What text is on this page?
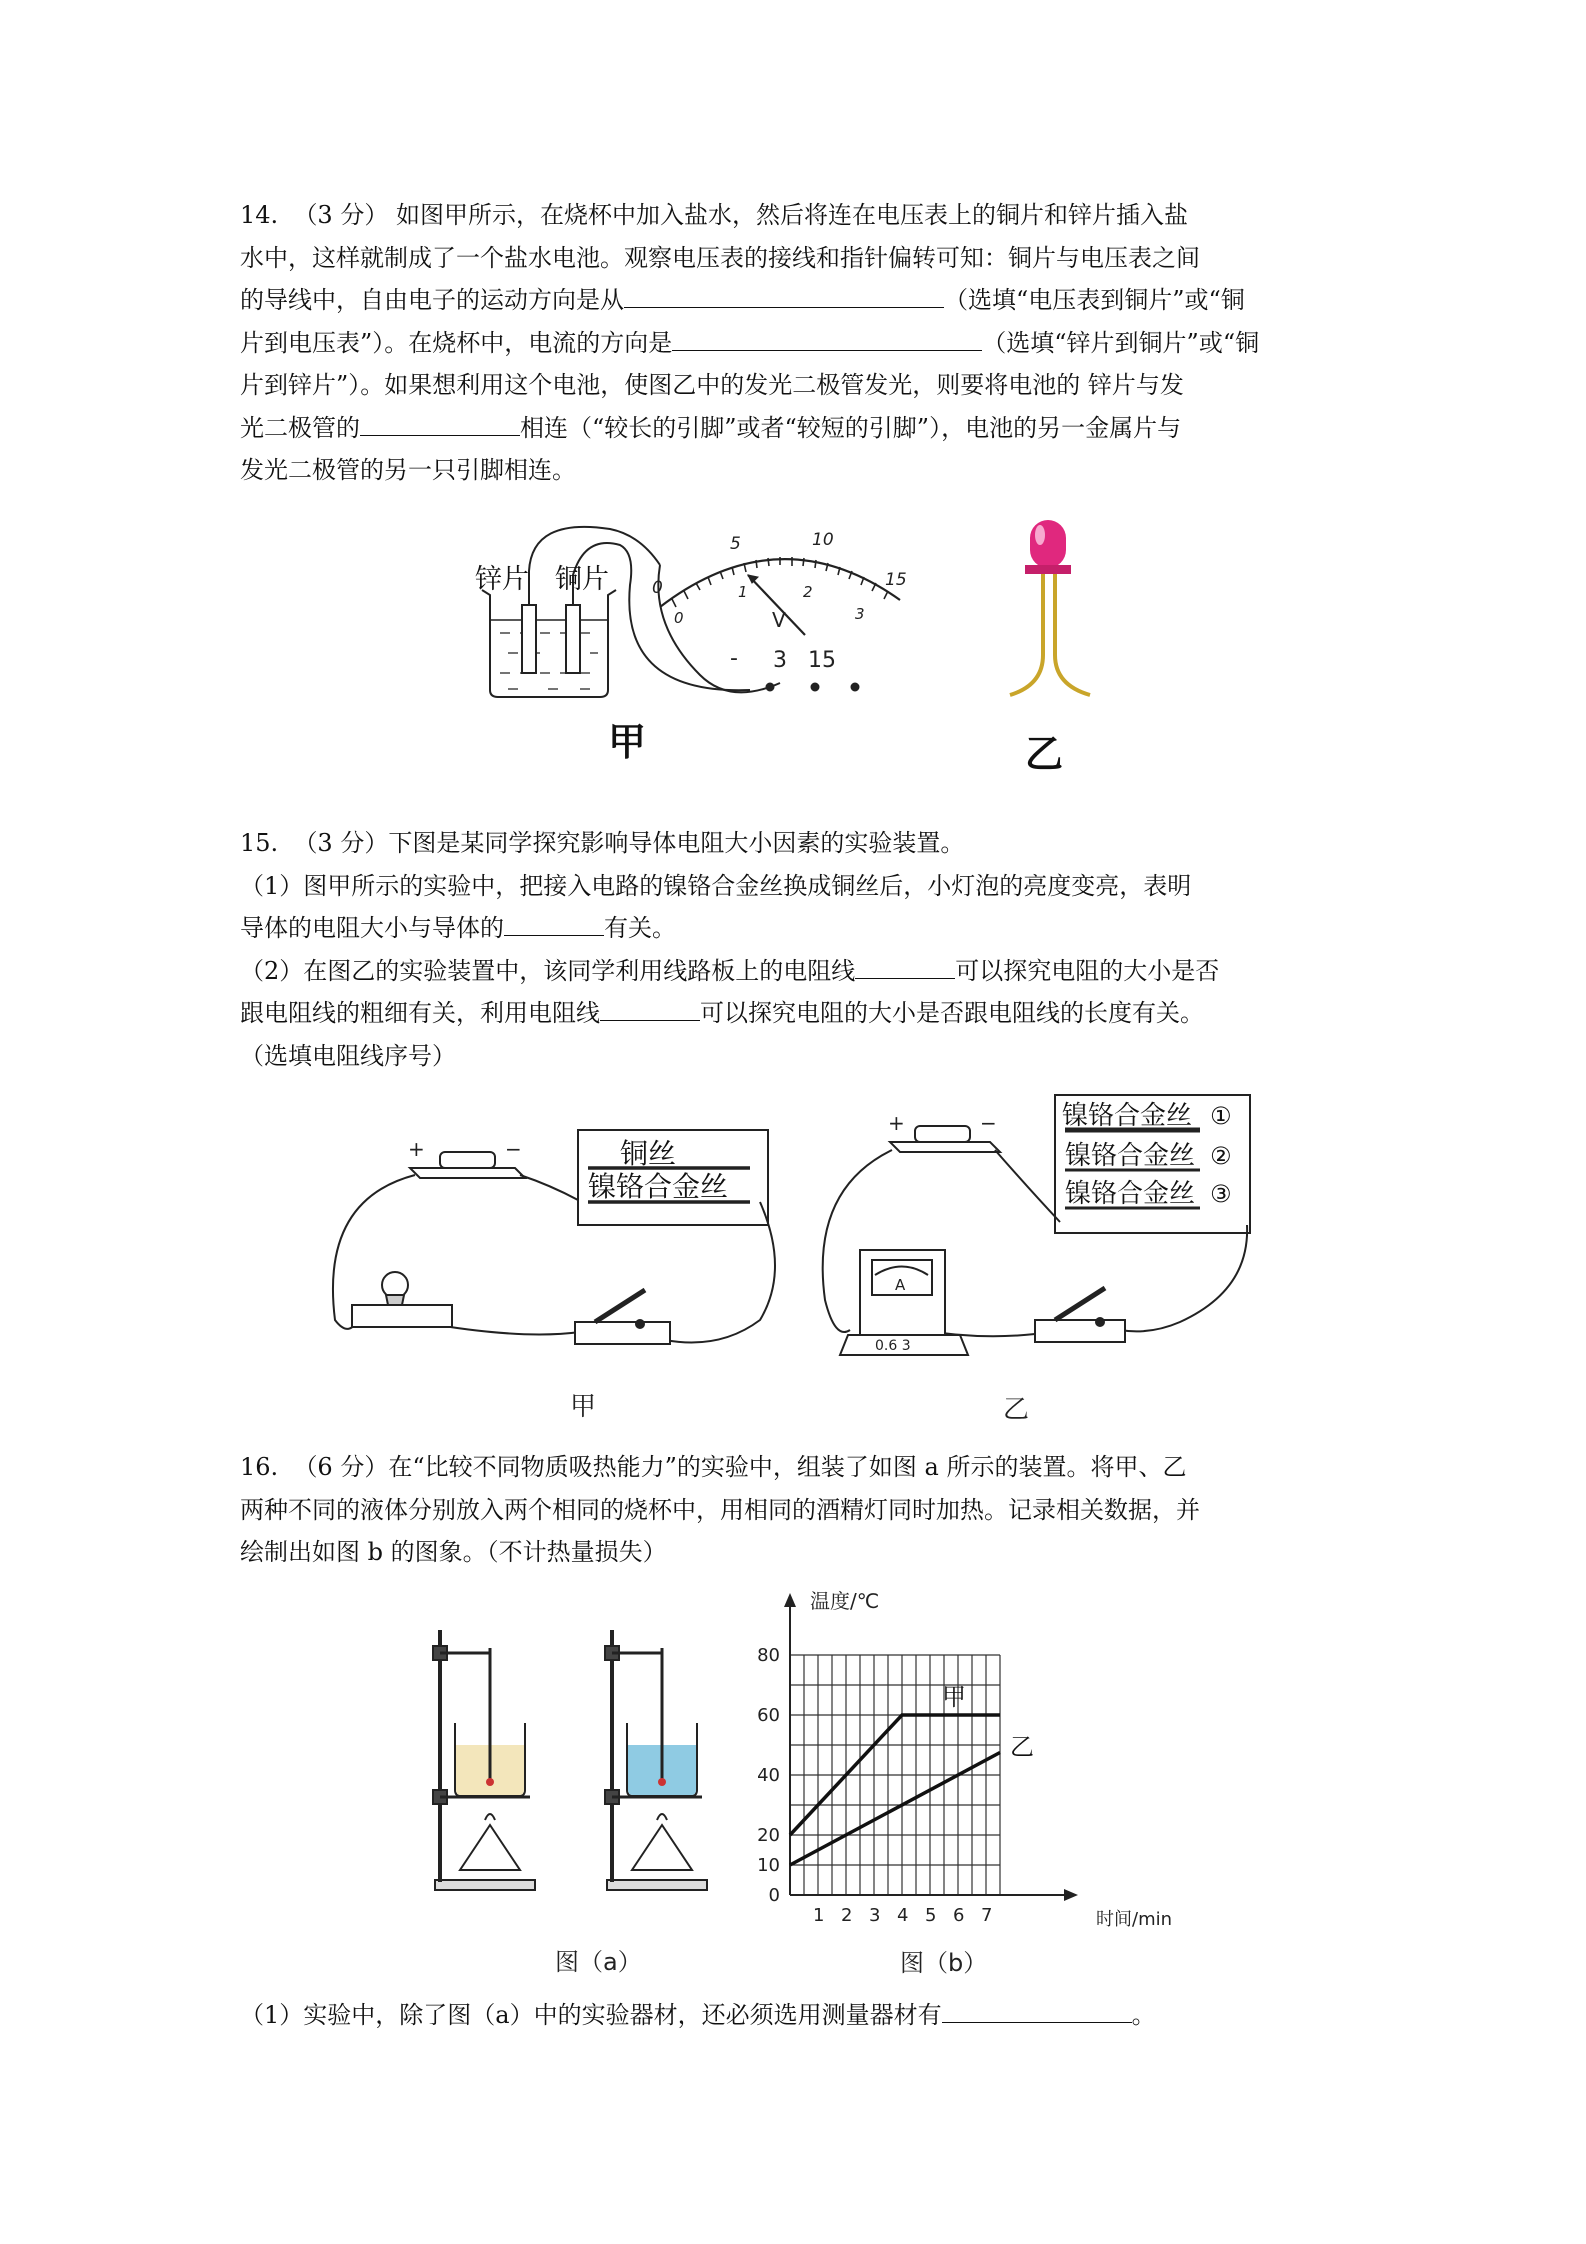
14. （3 分） 如图甲所示，在烧杯中加入盐水，然后将连在电压表上的铜片和锌片插入盐
水中，这样就制成了一个盐水电池。观察电压表的接线和指针偏转可知：铜片与电压表之间
的导线中，自由电子的运动方向是从	（选填“电压表到铜片”或“铜
片到电压表”）。在烧杯中，电流的方向是	（选填“锌片到铜片”或“铜
片到锌片”）。如果想利用这个电池，使图乙中的发光二极管发光，则要将电池的 锌片与发
光二极管的	相连（“较长的引脚”或者“较短的引脚”），电池的另一金属片与
发光二极管的另一只引脚相连。
锌片 铜片	0
5	10
15
0
1	2
3
V
- 3 15
甲	乙
15. （3 分）下图是某同学探究影响导体电阻大小因素的实验装置。
（1）图甲所示的实验中，把接入电路的镍铬合金丝换成铜丝后，小灯泡的亮度变亮，表明
导体的电阻大小与导体的	有关。
（2）在图乙的实验装置中，该同学利用线路板上的电阻线	可以探究电阻的大小是否
跟电阻线的粗细有关，利用电阻线	可以探究电阻的大小是否跟电阻线的长度有关。
（选填电阻线序号）
+	−	铜丝
镍铬合金丝
甲
+	−	镍铬合金丝
镍铬合金丝
镍铬合金丝
①
②
③
A
0.6 3
乙
16. （6 分）在“比较不同物质吸热能力”的实验中，组装了如图 a 所示的装置。将甲、乙
两种不同的液体分别放入两个相同的烧杯中，用相同的酒精灯同时加热。记录相关数据，并
绘制出如图 b 的图象。（不计热量损失）
图（a）
1 2 3 4 5 6 7
0
10
20
40
60
80
甲
乙
温度/℃
时间/min
图（b）
（1）实验中，除了图（a）中的实验器材，还必须选用测量器材有	。
